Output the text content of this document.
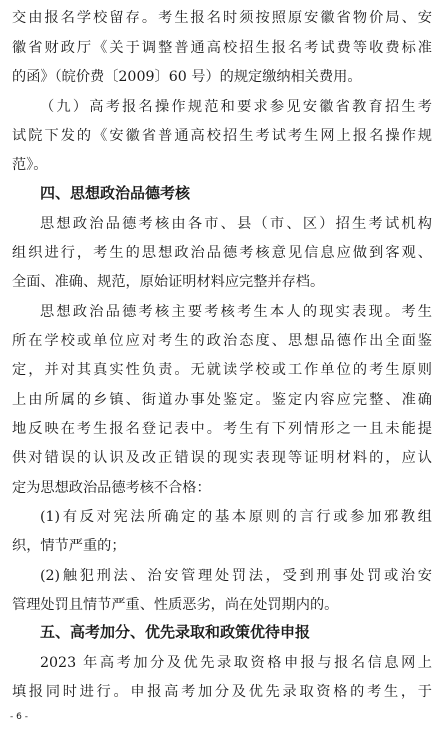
交由报名学校留存。考生报名时须按照原安徽省物价局、安
徽省财政厅《关于调整普通高校招生报名考试费等收费标准
的函》（皖价费〔2009〕60 号）的规定缴纳相关费用。
（九）高考报名操作规范和要求参见安徽省教育招生考
试院下发的《安徽省普通高校招生考试考生网上报名操作规
范》。
四、思想政治品德考核
思想政治品德考核由各市、县（市、区）招生考试机构
组织进行，考生的思想政治品德考核意见信息应做到客观、
全面、准确、规范，原始证明材料应完整并存档。
思想政治品德考核主要考核考生本人的现实表现。考生
所在学校或单位应对考生的政治态度、思想品德作出全面鉴
定，并对其真实性负责。无就读学校或工作单位的考生原则
上由所属的乡镇、街道办事处鉴定。鉴定内容应完整、准确
地反映在考生报名登记表中。考生有下列情形之一且未能提
供对错误的认识及改正错误的现实表现等证明材料的，应认
定为思想政治品德考核不合格：
(1)有反对宪法所确定的基本原则的言行或参加邪教组
织，情节严重的；
(2)触犯刑法、治安管理处罚法，受到刑事处罚或治安
管理处罚且情节严重、性质恶劣，尚在处罚期内的。
五、高考加分、优先录取和政策优待申报
2023 年高考加分及优先录取资格申报与报名信息网上
填报同时进行。申报高考加分及优先录取资格的考生，于
- 6 -
